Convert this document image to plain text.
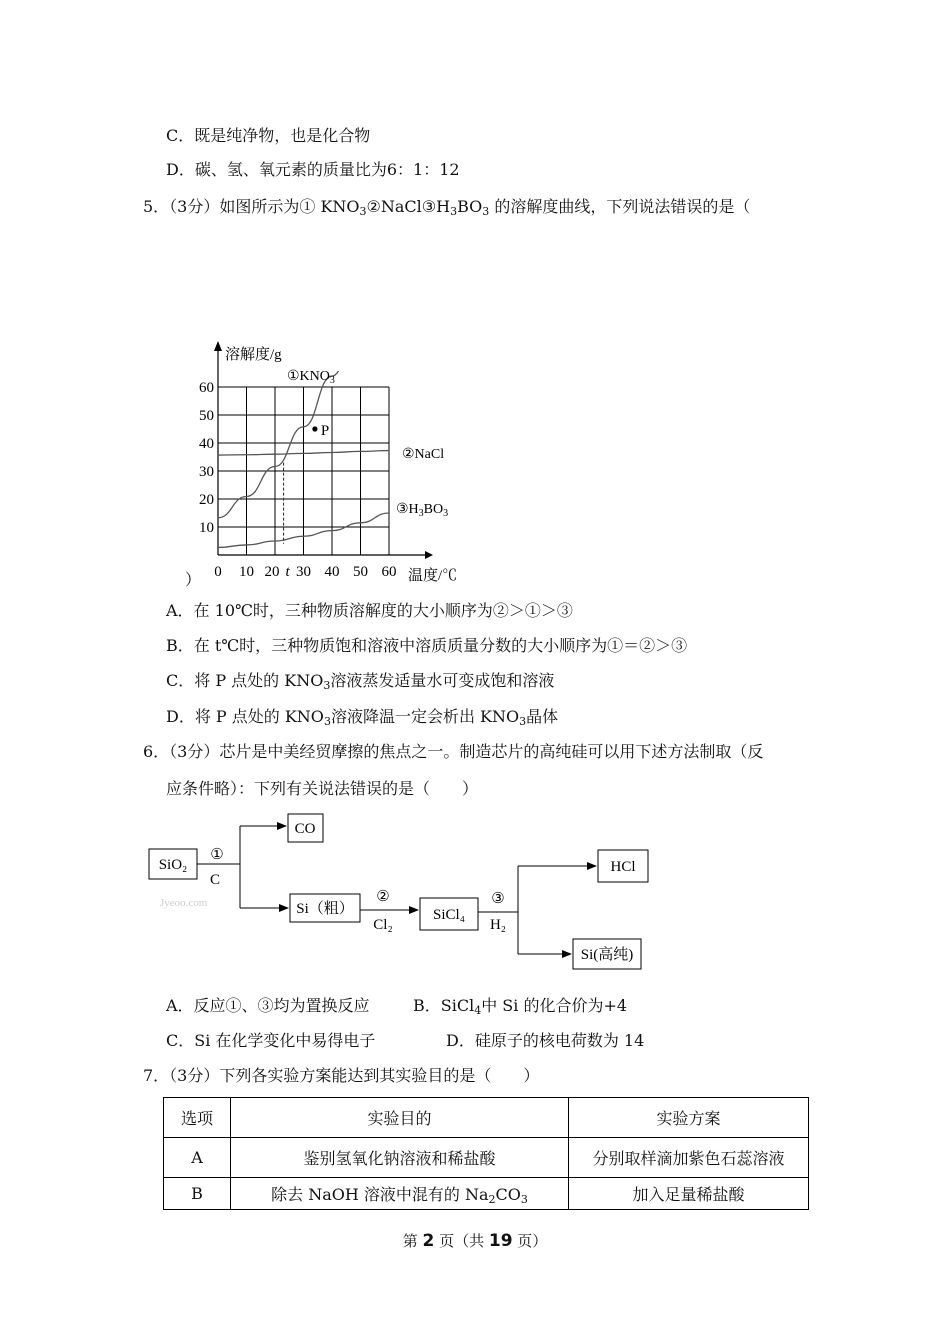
C．既是纯净物，也是化合物
D．碳、氢、氧元素的质量比为6：1：12
5．（3分）如图所示为① $KNO_3②NaCl③H_3BO_3$ 的溶解度曲线，下列说法错误的是（
0 10 20 t 30 40 50 60
10
20
30
40
50
60
P
$①KNO_3$
②NaCl
$③H_3BO_3$
溶解度/g
温度/℃
）
A．在 10℃时，三种物质溶解度的大小顺序为②＞①＞③
B．在 t℃时，三种物质饱和溶液中溶质质量分数的大小顺序为①＝②＞③
C．将 P 点处的 $KNO_3$溶液蒸发适量水可变成饱和溶液
D．将 P 点处的 $KNO_3$溶液降温一定会析出 $KNO_3$晶体
6．（3分）芯片是中美经贸摩擦的焦点之一。制造芯片的高纯硅可以用下述方法制取（反
应条件略）：下列有关说法错误的是（　　）
SiO₂
CO
Si（粗）	SiCl₄
HCl
Si(高纯)
①
C
Jyeoo.com	②
Cl₂
③
H₂
A．反应①、③均为置换反应	B．SiCl$_4$中 Si 的化合价为+4
C．Si 在化学变化中易得电子	D．硅原子的核电荷数为 14
7．（3分）下列各实验方案能达到其实验目的是（　　）
选项	实验目的	实验方案
A	鉴别氢氧化钠溶液和稀盐酸	分别取样滴加紫色石蕊溶液
B	除去 NaOH 溶液中混有的 $Na_2CO_3$	加入足量稀盐酸
第 2 页（共 19 页）
